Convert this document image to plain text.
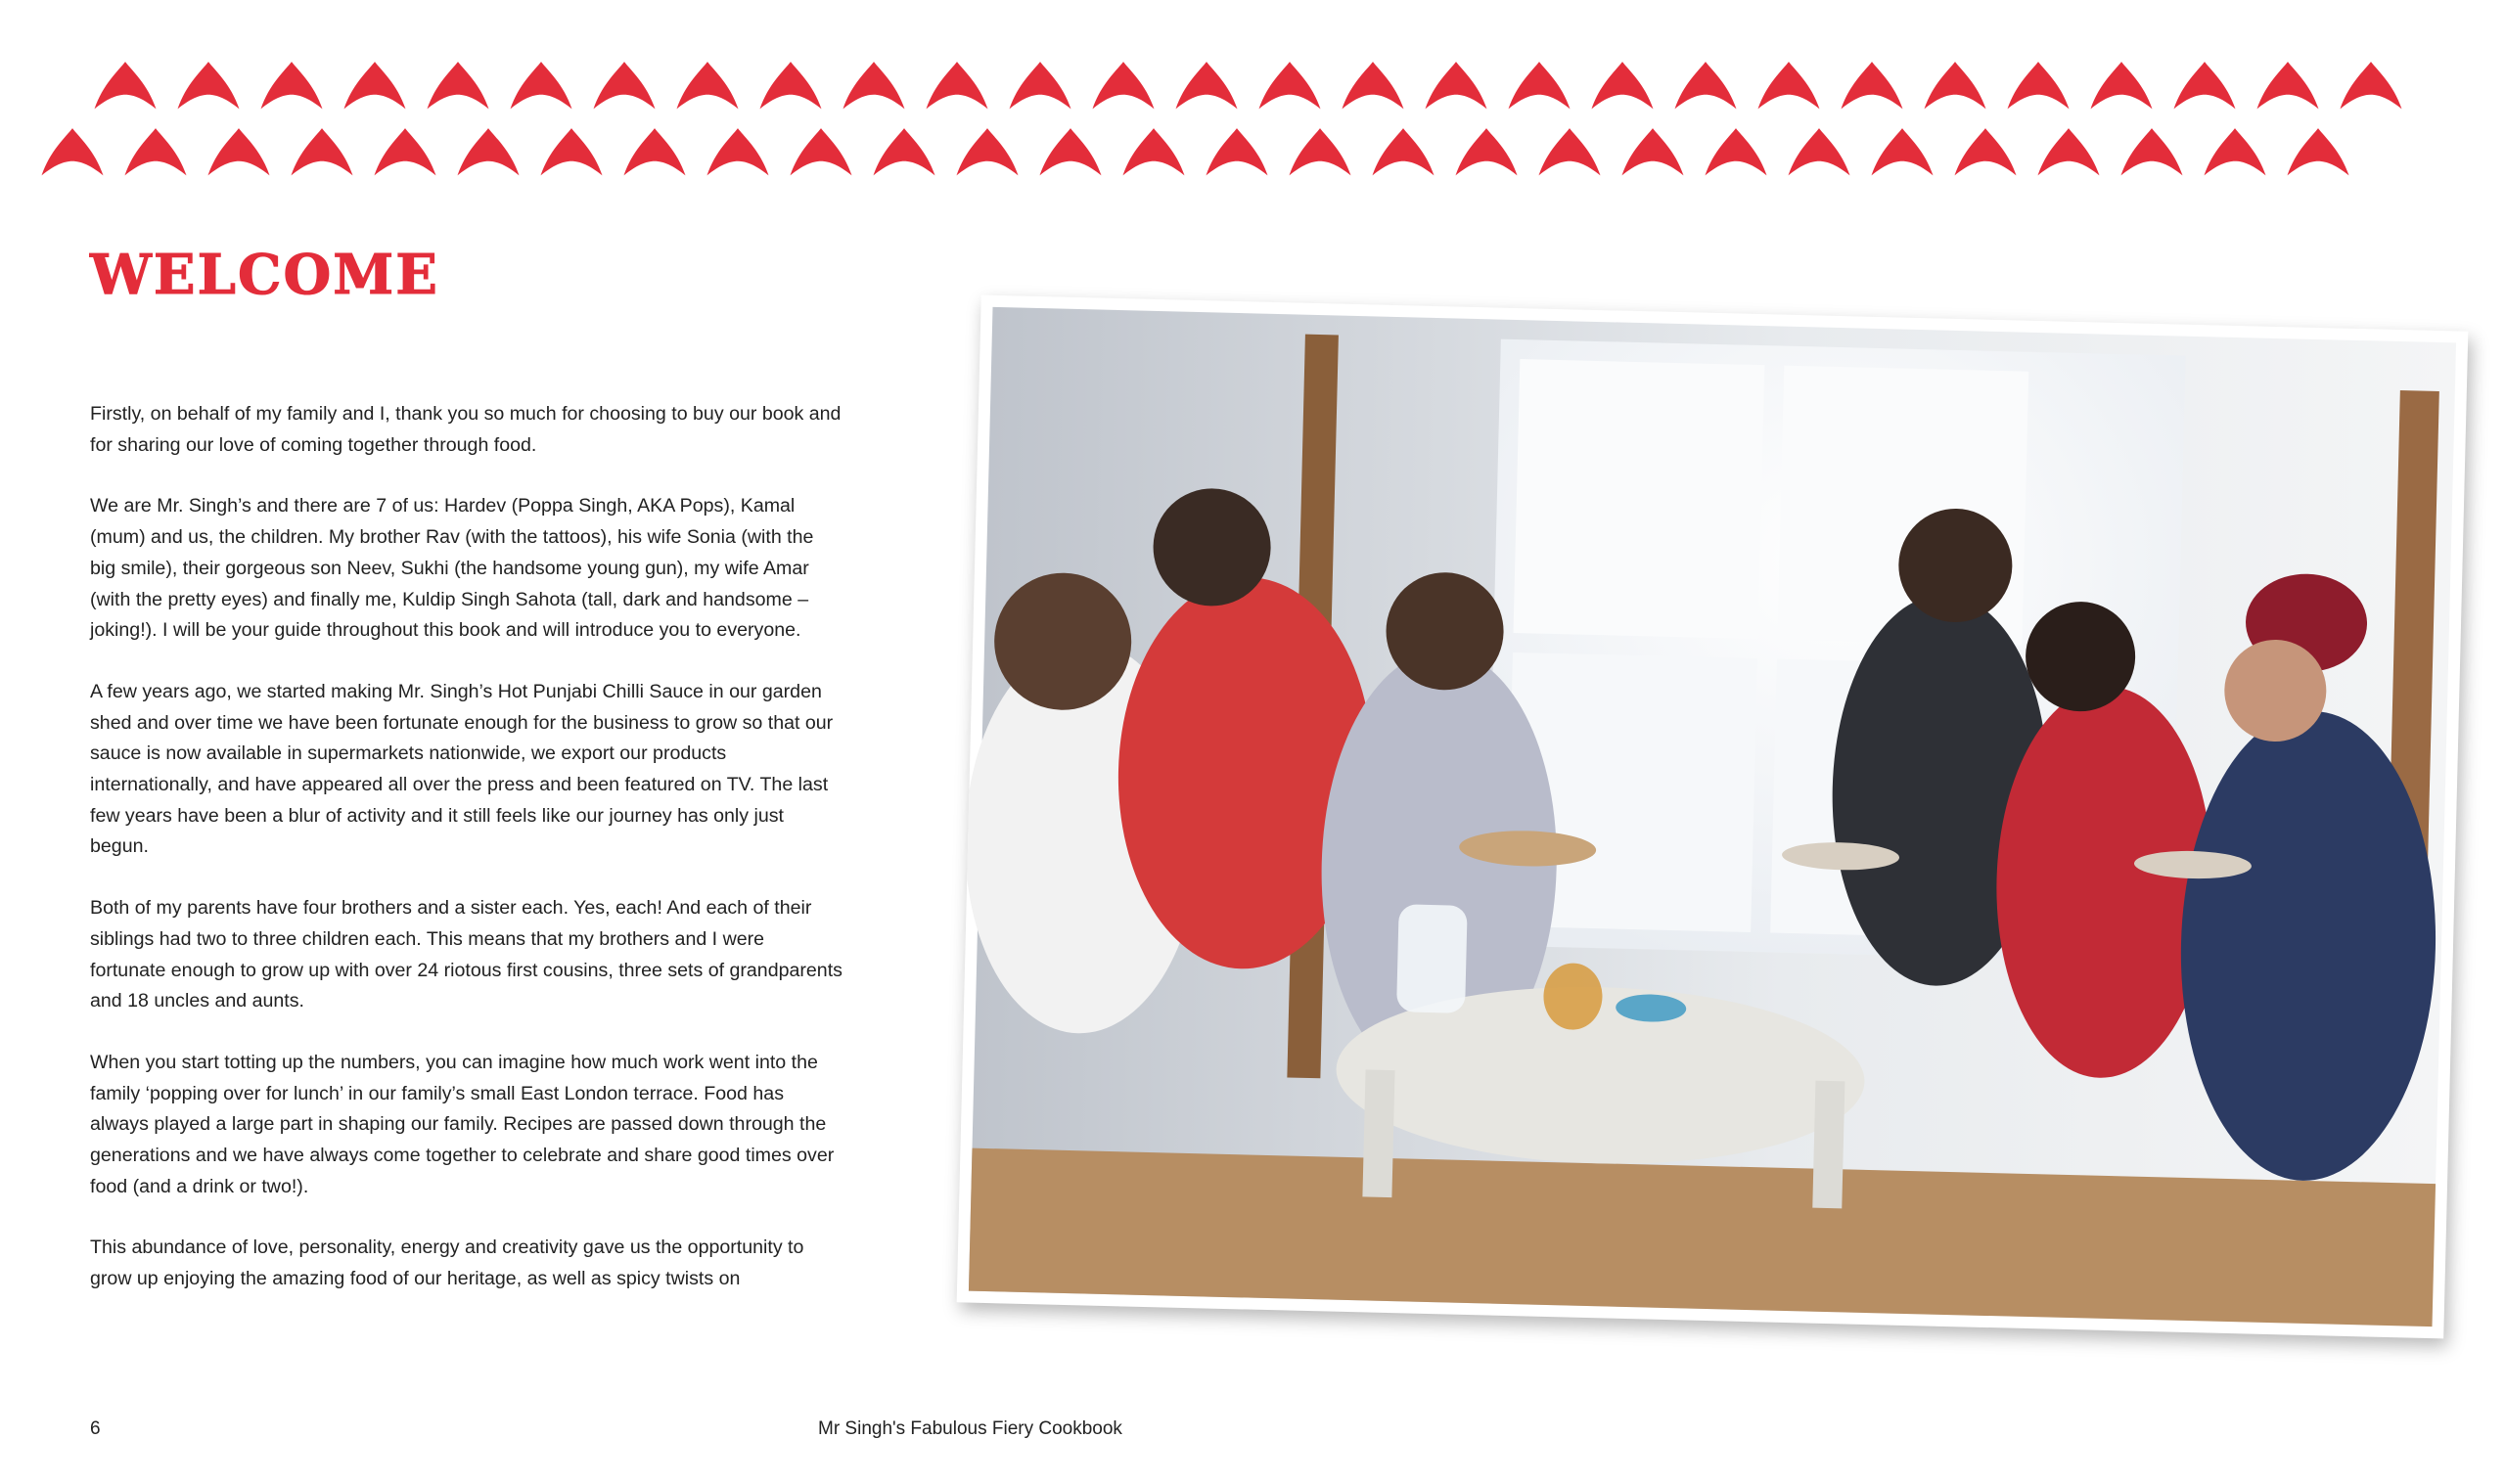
WELCOME

Firstly, on behalf of my family and I, thank you so much for choosing to buy our book and for sharing our love of coming together through food.

We are Mr. Singh’s and there are 7 of us: Hardev (Poppa Singh, AKA Pops), Kamal (mum) and us, the children. My brother Rav (with the tattoos), his wife Sonia (with the big smile), their gorgeous son Neev, Sukhi (the handsome young gun), my wife Amar (with the pretty eyes) and finally me, Kuldip Singh Sahota (tall, dark and handsome – joking!). I will be your guide throughout this book and will introduce you to everyone.

A few years ago, we started making Mr. Singh’s Hot Punjabi Chilli Sauce in our garden shed and over time we have been fortunate enough for the business to grow so that our sauce is now available in supermarkets nationwide, we export our products internationally, and have appeared all over the press and been featured on TV. The last few years have been a blur of activity and it still feels like our journey has only just begun.

Both of my parents have four brothers and a sister each. Yes, each! And each of their siblings had two to three children each. This means that my brothers and I were fortunate enough to grow up with over 24 riotous first cousins, three sets of grandparents and 18 uncles and aunts.

When you start totting up the numbers, you can imagine how much work went into the family ‘popping over for lunch’ in our family’s small East London terrace. Food has always played a large part in shaping our family. Recipes are passed down through the generations and we have always come together to celebrate and share good times over food (and a drink or two!).

This abundance of love, personality, energy and creativity gave us the opportunity to grow up enjoying the amazing food of our heritage, as well as spicy twists on

6	Mr Singh's Fabulous Fiery Cookbook
